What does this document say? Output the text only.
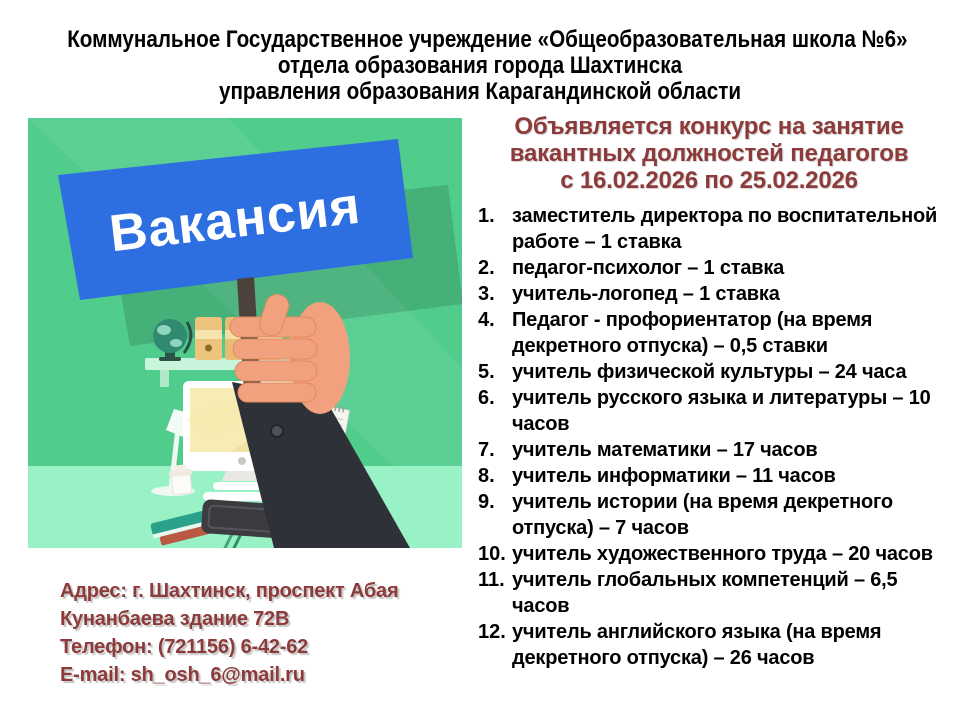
Коммунальное Государственное учреждение «Общеобразовательная школа №6»
отдела образования города Шахтинска
управления образования Карагандинской области
Вакансия
Объявляется конкурс на занятие
вакантных должностей педагогов
с 16.02.2026 по 25.02.2026
1. заместитель директора по воспитательной работе – 1 ставка
2. педагог-психолог – 1 ставка
3. учитель-логопед – 1 ставка
4. Педагог - профориентатор (на время декретного отпуска) – 0,5 ставки
5. учитель физической культуры – 24 часа
6. учитель русского языка и литературы – 10 часов
7. учитель математики – 17 часов
8. учитель информатики – 11 часов
9. учитель истории (на время декретного отпуска) – 7 часов
10. учитель художественного труда – 20 часов
11. учитель глобальных компетенций – 6,5 часов
12. учитель английского языка (на время декретного отпуска) – 26 часов
Адрес: г. Шахтинск, проспект Абая Кунанбаева здание 72В
Телефон: (721156) 6-42-62
E-mail: sh_osh_6@mail.ru
